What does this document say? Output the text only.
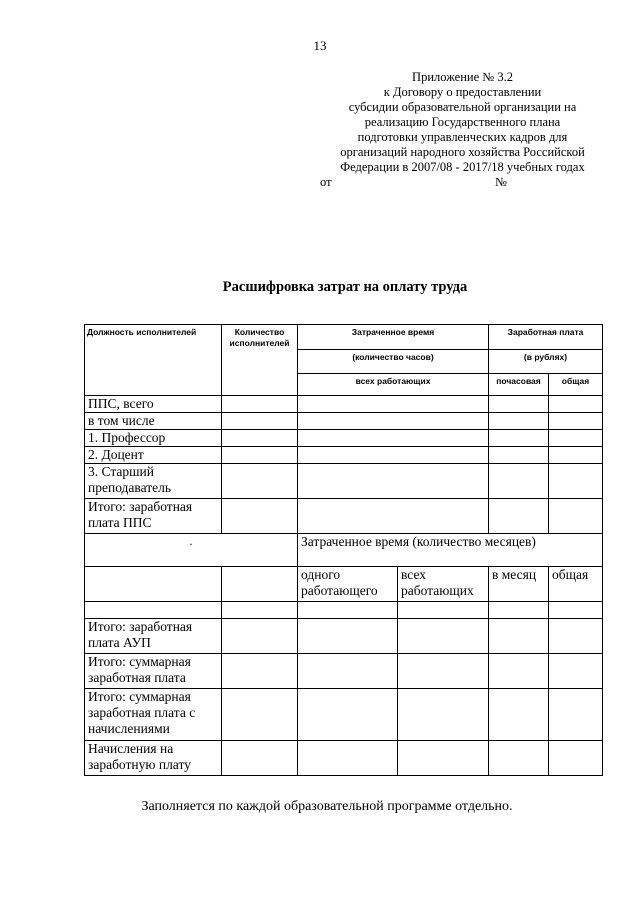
13
Приложение № 3.2
к Договору о предоставлении
субсидии образовательной организации на
реализацию Государственного плана
подготовки управленческих кадров для
организаций народного хозяйства Российской
Федерации в 2007/08 - 2017/18 учебных годах
от	№
Расшифровка затрат на оплату труда
Должность исполнителей	Количество исполнителей	Затраченное время		Заработная плата	
		(количество часов)		(в рублях)	
		всех работающих		почасовая	общая
ППС, всего					
в том числе					
1. Профессор					
2. Доцент					
3. Старший преподаватель					
Итого: заработная плата ППС					
.		Затраченное время (количество месяцев)			
		одного работающего	всех работающих	в месяц	общая

Итого: заработная плата АУП					
Итого: суммарная заработная плата					
Итого: суммарная заработная плата с начислениями					
Начисления на заработную плату					
Заполняется по каждой образовательной программе отдельно.
